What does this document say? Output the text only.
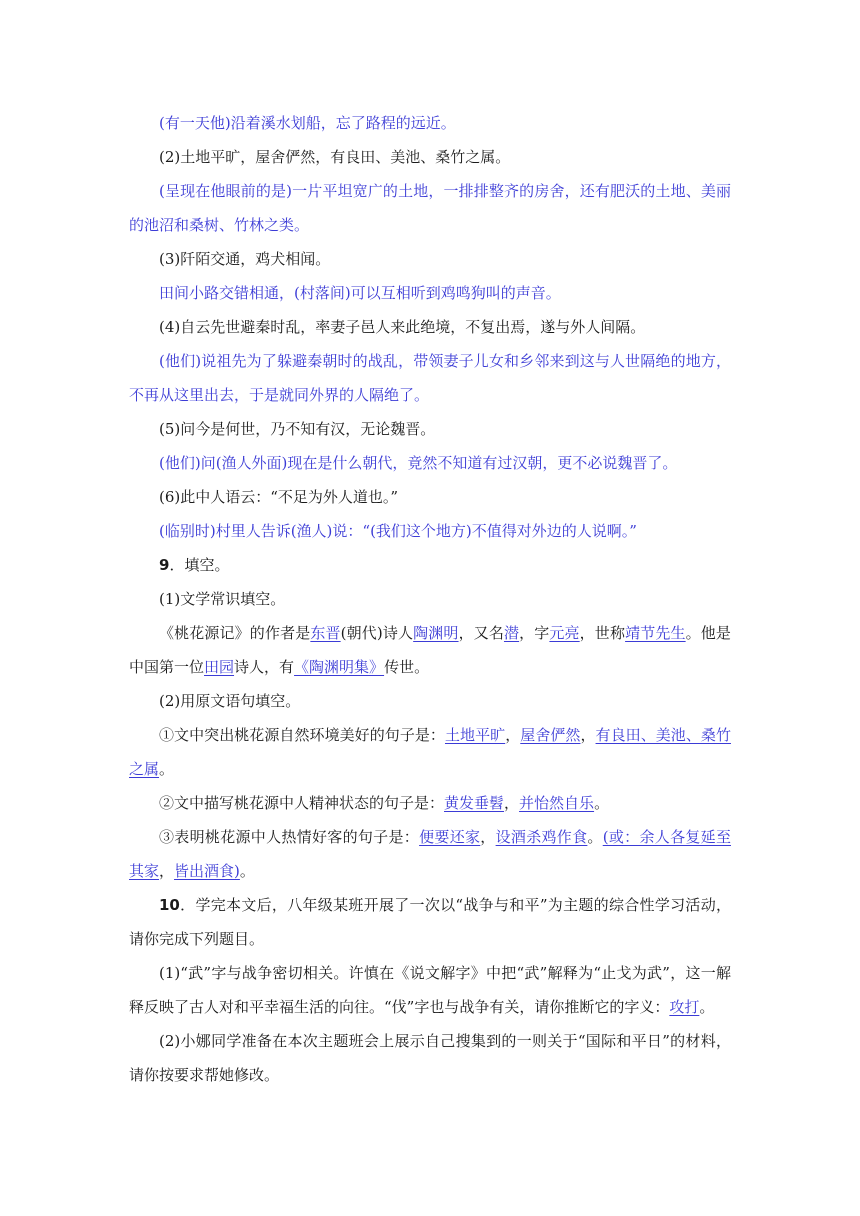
(有一天他)沿着溪水划船，忘了路程的远近。

(2)土地平旷，屋舍俨然，有良田、美池、桑竹之属。

(呈现在他眼前的是)一片平坦宽广的土地，一排排整齐的房舍，还有肥沃的土地、美丽的池沼和桑树、竹林之类。

(3)阡陌交通，鸡犬相闻。

田间小路交错相通，(村落间)可以互相听到鸡鸣狗叫的声音。

(4)自云先世避秦时乱，率妻子邑人来此绝境，不复出焉，遂与外人间隔。

(他们)说祖先为了躲避秦朝时的战乱，带领妻子儿女和乡邻来到这与人世隔绝的地方，不再从这里出去，于是就同外界的人隔绝了。

(5)问今是何世，乃不知有汉，无论魏晋。

(他们)问(渔人外面)现在是什么朝代，竟然不知道有过汉朝，更不必说魏晋了。

(6)此中人语云：“不足为外人道也。”

(临别时)村里人告诉(渔人)说：“(我们这个地方)不值得对外边的人说啊。”

9．填空。

(1)文学常识填空。

《桃花源记》的作者是东晋(朝代)诗人陶渊明，又名潜，字元亮，世称靖节先生。他是中国第一位田园诗人，有《陶渊明集》传世。

(2)用原文语句填空。

①文中突出桃花源自然环境美好的句子是：土地平旷，屋舍俨然，有良田、美池、桑竹之属。

②文中描写桃花源中人精神状态的句子是：黄发垂髫，并怡然自乐。

③表明桃花源中人热情好客的句子是：便要还家，设酒杀鸡作食。(或：余人各复延至其家，皆出酒食)。

10．学完本文后，八年级某班开展了一次以“战争与和平”为主题的综合性学习活动，请你完成下列题目。

(1)“武”字与战争密切相关。许慎在《说文解字》中把“武”解释为“止戈为武”，这一解释反映了古人对和平幸福生活的向往。“伐”字也与战争有关，请你推断它的字义：攻打。

(2)小娜同学准备在本次主题班会上展示自己搜集到的一则关于“国际和平日”的材料，请你按要求帮她修改。
